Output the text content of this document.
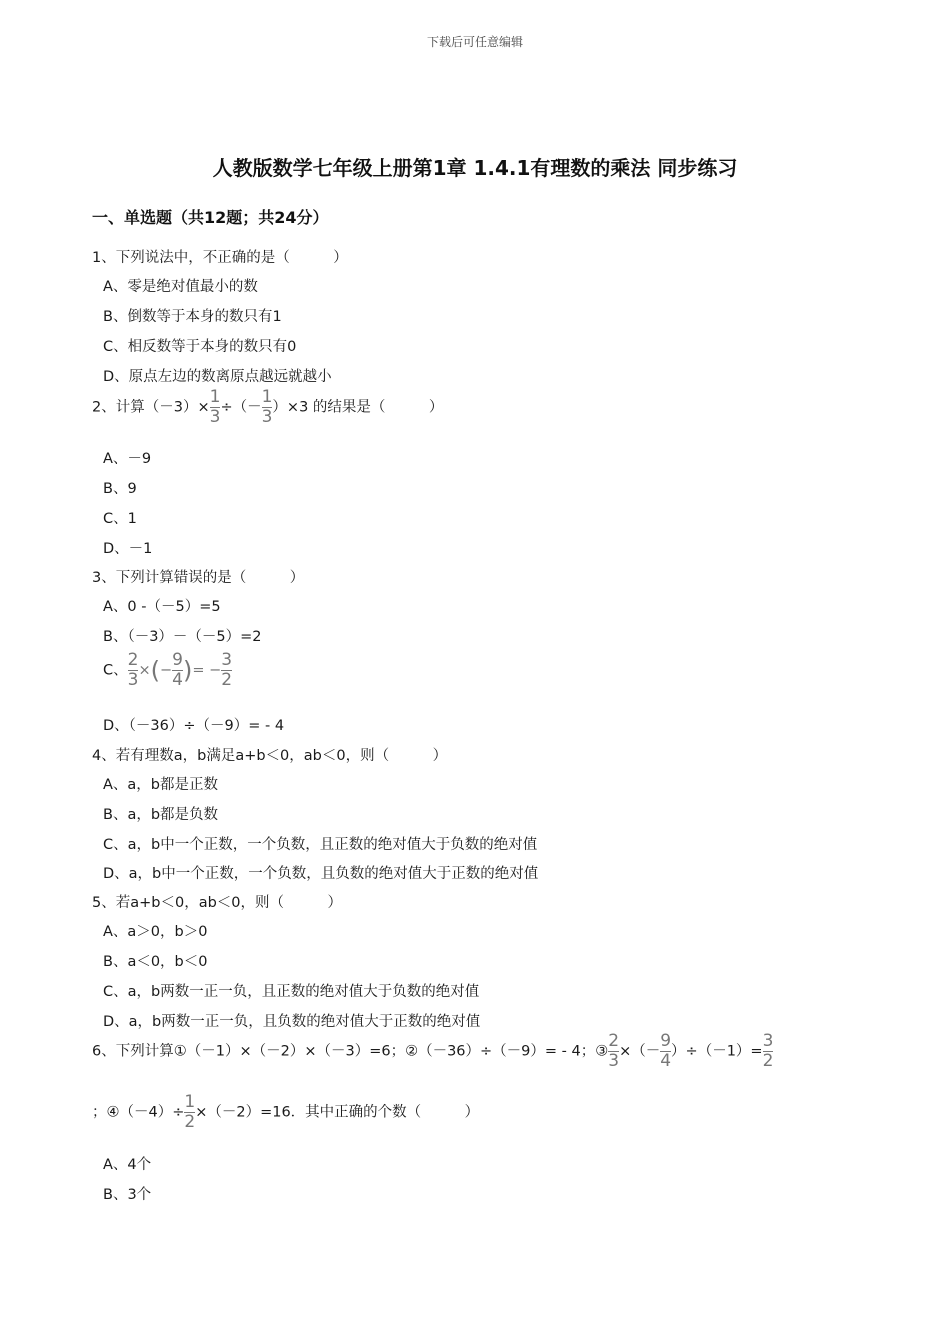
下载后可任意编辑
人教版数学七年级上册第1章 1.4.1有理数的乘法 同步练习
一、单选题（共12题；共24分）
1、下列说法中，不正确的是（　　　）
A、零是绝对值最小的数
B、倒数等于本身的数只有1
C、相反数等于本身的数只有0
D、原点左边的数离原点越远就越小
2、计算$(-3)\times \frac{1}{3}$ ÷（－ $\frac{1}{3} )\times 3$ 的结果是（　　　）
A、－9
B、9
C、1
D、－1
3、下列计算错误的是（　　　）
A、0 -（－5）=5
B、（－3）－（－5）=2
C、 $\frac{2}{3}$ ×(− $\frac{9}{4}$ )= − $\frac{3}{2}$
D、（－36）÷（－9）= - 4
4、若有理数a，b满足a+b＜0，ab＜0，则（　　　）
A、a，b都是正数
B、a，b都是负数
C、a，b中一个正数，一个负数，且正数的绝对值大于负数的绝对值
D、a，b中一个正数，一个负数，且负数的绝对值大于正数的绝对值
5、若a+b＜0，ab＜0，则（　　　）
A、a＞0，b＞0
B、a＜0，b＜0
C、a，b两数一正一负，且正数的绝对值大于负数的绝对值
D、a，b两数一正一负，且负数的绝对值大于正数的绝对值
6、下列计算①（－1）×（－2）×（－3）=6；②（－36）÷（－9）= - 4；③ $\frac{2}{3}$ ×（－ $\frac{9}{4} )\div(-1)= \frac{3}{2}$
；④（－4）÷ $\frac{1}{2} \times(-2)=16$．其中正确的个数（　　　）
A、4个
B、3个
